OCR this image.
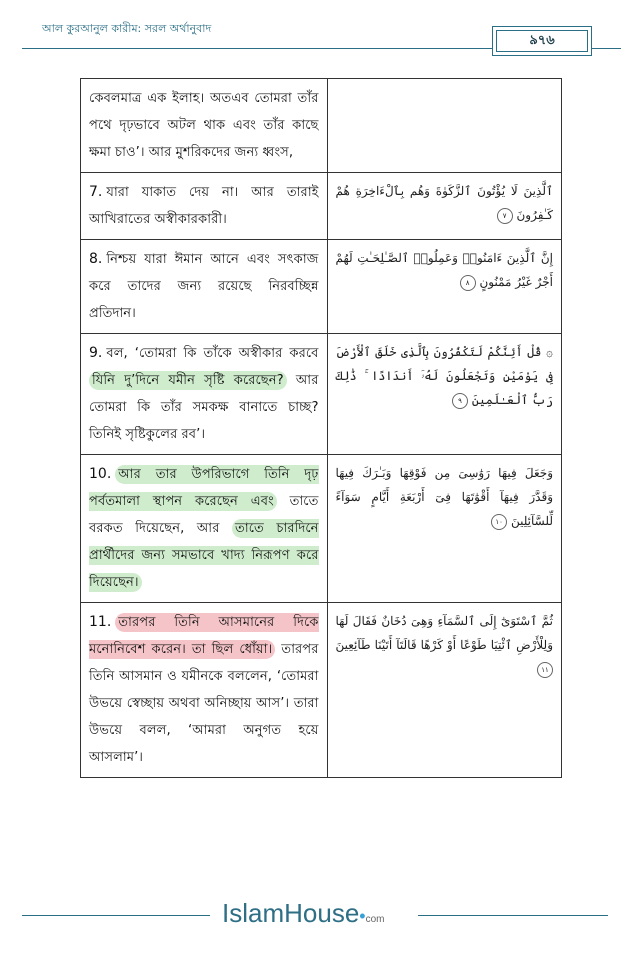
আল কুরআনুল কারীম: সরল অর্থানুবাদ
৯৭৬
কেবলমাত্র এক ইলাহ। অতএব তোমরা তাঁর পথে দৃঢ়ভাবে অটল থাক এবং তাঁর কাছে ক্ষমা চাও’। আর মুশরিকদের জন্য ধ্বংস,	
7. যারা যাকাত দেয় না। আর তারাই আখিরাতের অস্বীকারকারী।	ٱلَّذِينَ لَا يُؤْتُونَ ٱلزَّكَوٰةَ وَهُم بِٱلْءَاخِرَةِ هُمْ كَـٰفِرُونَ ٧
8. নিশ্চয় যারা ঈমান আনে এবং সৎকাজ করে তাদের জন্য রয়েছে নিরবচ্ছিন্ন প্রতিদান।	إِنَّ ٱلَّذِينَ ءَامَنُوا۟ وَعَمِلُوا۟ ٱلصَّـٰلِحَـٰتِ لَهُمْ أَجْرٌ غَيْرُ مَمْنُونٍ ٨
9. বল, ‘তোমরা কি তাঁকে অস্বীকার করবে যিনি দু’দিনে যমীন সৃষ্টি করেছেন? আর তোমরা কি তাঁর সমকক্ষ বানাতে চাচ্ছ? তিনিই সৃষ্টিকুলের রব’।	۞ قُلْ أَئِنَّكُمْ لَتَكْفُرُونَ بِٱلَّذِى خَلَقَ ٱلْأَرْضَ فِى يَوْمَيْنِ وَتَجْعَلُونَ لَهُۥٓ أَندَادًا ۚ ذَٰلِكَ رَبُّ ٱلْعَـٰلَمِينَ ٩
10. আর তার উপরিভাগে তিনি দৃঢ় পর্বতমালা স্থাপন করেছেন এবং তাতে বরকত দিয়েছেন, আর তাতে চারদিনে প্রার্থীদের জন্য সমভাবে খাদ্য নিরূপণ করে দিয়েছেন।	وَجَعَلَ فِيهَا رَوَٰسِىَ مِن فَوْقِهَا وَبَـٰرَكَ فِيهَا وَقَدَّرَ فِيهَآ أَقْوَٰتَهَا فِىٓ أَرْبَعَةِ أَيَّامٍ سَوَآءً لِّلسَّآئِلِينَ ١٠
11. তারপর তিনি আসমানের দিকে মনোনিবেশ করেন। তা ছিল ধোঁয়া। তারপর তিনি আসমান ও যমীনকে বললেন, ‘তোমরা উভয়ে স্বেচ্ছায় অথবা অনিচ্ছায় আস’। তারা উভয়ে বলল, ‘আমরা অনুগত হয়ে আসলাম’।	ثُمَّ ٱسْتَوَىٰٓ إِلَى ٱلسَّمَآءِ وَهِىَ دُخَانٌ فَقَالَ لَهَا وَلِلْأَرْضِ ٱئْتِيَا طَوْعًا أَوْ كَرْهًا قَالَتَآ أَتَيْنَا طَآئِعِينَ ١١
IslamHouse•com
